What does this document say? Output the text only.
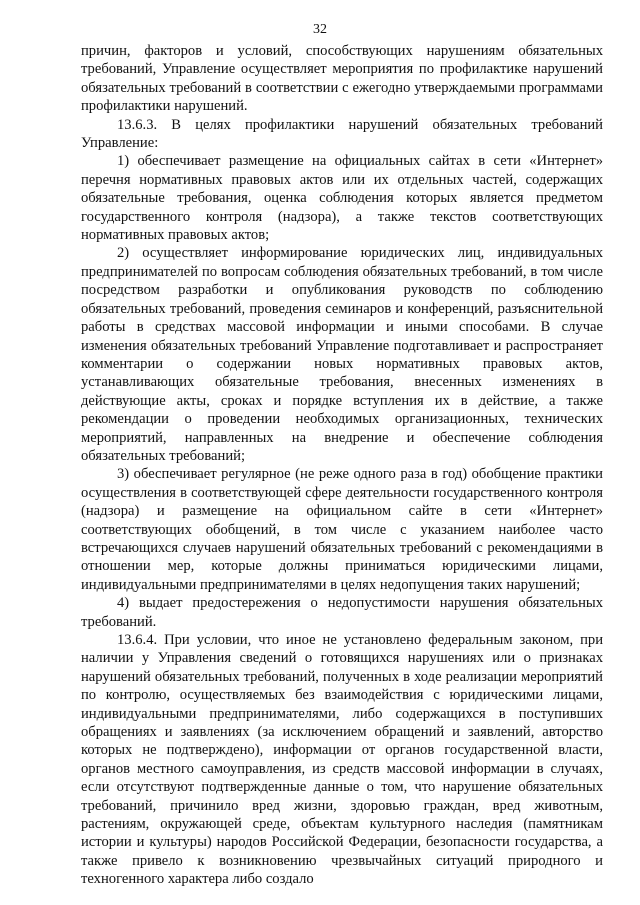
32

причин, факторов и условий, способствующих нарушениям обязательных требований, Управление осуществляет мероприятия по профилактике нарушений обязательных требований в соответствии с ежегодно утверждаемыми программами профилактики нарушений.

13.6.3. В целях профилактики нарушений обязательных требований Управление:

1) обеспечивает размещение на официальных сайтах в сети «Интернет» перечня нормативных правовых актов или их отдельных частей, содержащих обязательные требования, оценка соблюдения которых является предметом государственного контроля (надзора), а также текстов соответствующих нормативных правовых актов;

2) осуществляет информирование юридических лиц, индивидуальных предпринимателей по вопросам соблюдения обязательных требований, в том числе посредством разработки и опубликования руководств по соблюдению обязательных требований, проведения семинаров и конференций, разъяснительной работы в средствах массовой информации и иными способами. В случае изменения обязательных требований Управление подготавливает и распространяет комментарии о содержании новых нормативных правовых актов, устанавливающих обязательные требования, внесенных изменениях в действующие акты, сроках и порядке вступления их в действие, а также рекомендации о проведении необходимых организационных, технических мероприятий, направленных на внедрение и обеспечение соблюдения обязательных требований;

3) обеспечивает регулярное (не реже одного раза в год) обобщение практики осуществления в соответствующей сфере деятельности государственного контроля (надзора) и размещение на официальном сайте в сети «Интернет» соответствующих обобщений, в том числе с указанием наиболее часто встречающихся случаев нарушений обязательных требований с рекомендациями в отношении мер, которые должны приниматься юридическими лицами, индивидуальными предпринимателями в целях недопущения таких нарушений;

4) выдает предостережения о недопустимости нарушения обязательных требований.

13.6.4. При условии, что иное не установлено федеральным законом, при наличии у Управления сведений о готовящихся нарушениях или о признаках нарушений обязательных требований, полученных в ходе реализации мероприятий по контролю, осуществляемых без взаимодействия с юридическими лицами, индивидуальными предпринимателями, либо содержащихся в поступивших обращениях и заявлениях (за исключением обращений и заявлений, авторство которых не подтверждено), информации от органов государственной власти, органов местного самоуправления, из средств массовой информации в случаях, если отсутствуют подтвержденные данные о том, что нарушение обязательных требований, причинило вред жизни, здоровью граждан, вред животным, растениям, окружающей среде, объектам культурного наследия (памятникам истории и культуры) народов Российской Федерации, безопасности государства, а также привело к возникновению чрезвычайных ситуаций природного и техногенного характера либо создало
